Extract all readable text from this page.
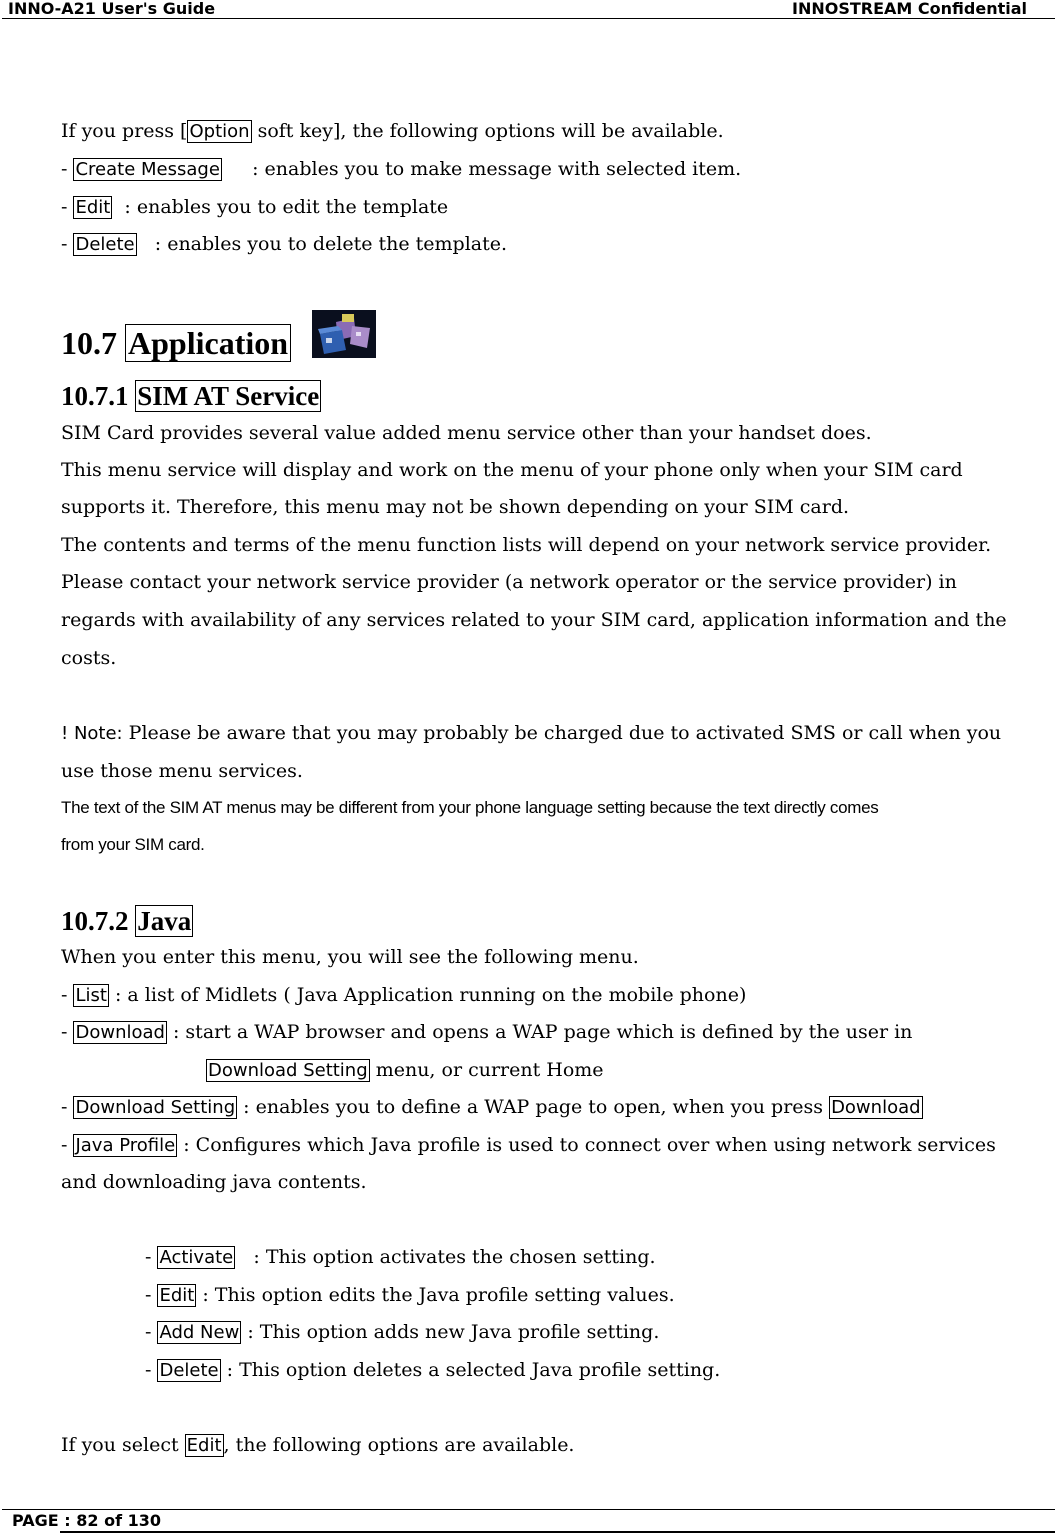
INNO-A21 User's Guide	INNOSTREAM Confidential
If you press [ Option soft key], the following options will be available.
- Create Message     : enables you to make message with selected item.
- Edit  : enables you to edit the template
- Delete   : enables you to delete the template.
10.7 Application
10.7.1 SIM AT Service
SIM Card provides several value added menu service other than your handset does.
This menu service will display and work on the menu of your phone only when your SIM card
supports it. Therefore, this menu may not be shown depending on your SIM card.
The contents and terms of the menu function lists will depend on your network service provider.
Please contact your network service provider (a network operator or the service provider) in
regards with availability of any services related to your SIM card, application information and the
costs.
! Note: Please be aware that you may probably be charged due to activated SMS or call when you
use those menu services.
The text of the SIM AT menus may be different from your phone language setting because the text directly comes
from your SIM card.
10.7.2 Java
When you enter this menu, you will see the following menu.
- List : a list of Midlets ( Java Application running on the mobile phone)
- Download : start a WAP browser and opens a WAP page which is defined by the user in
Download Setting menu, or current Home
- Download Setting : enables you to define a WAP page to open, when you press Download
- Java Profile : Configures which Java profile is used to connect over when using network services
and downloading java contents.
- Activate   : This option activates the chosen setting.
- Edit : This option edits the Java profile setting values.
- Add New : This option adds new Java profile setting.
- Delete : This option deletes a selected Java profile setting.
If you select Edit , the following options are available.
PAGE : 82 of 130
